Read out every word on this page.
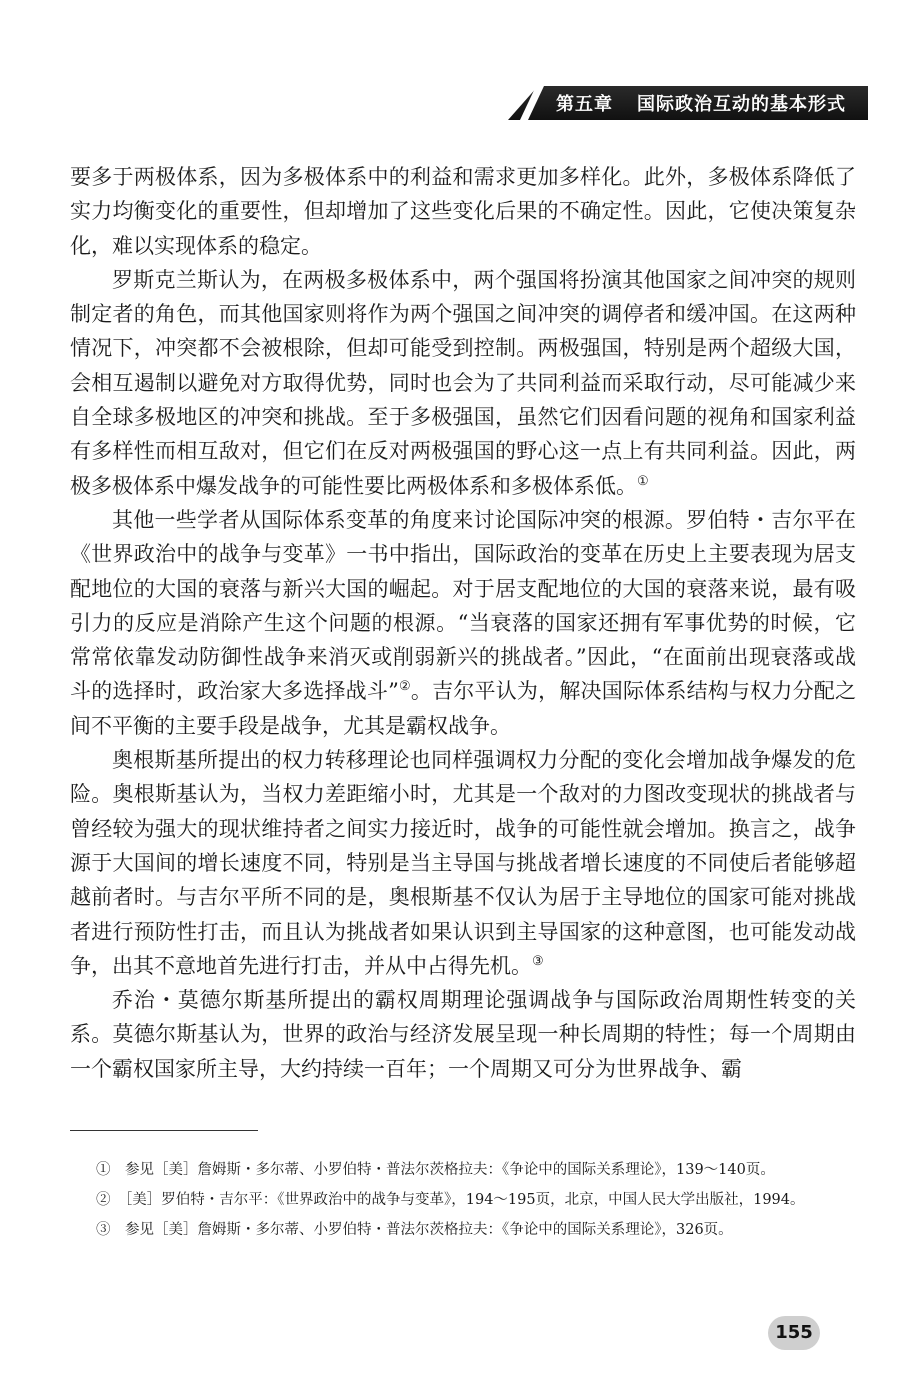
第五章 国际政治互动的基本形式

要多于两极体系，因为多极体系中的利益和需求更加多样化。此外，多极体系降低了实力均衡变化的重要性，但却增加了这些变化后果的不确定性。因此，它使决策复杂化，难以实现体系的稳定。

罗斯克兰斯认为，在两极多极体系中，两个强国将扮演其他国家之间冲突的规则制定者的角色，而其他国家则将作为两个强国之间冲突的调停者和缓冲国。在这两种情况下，冲突都不会被根除，但却可能受到控制。两极强国，特别是两个超级大国，会相互遏制以避免对方取得优势，同时也会为了共同利益而采取行动，尽可能减少来自全球多极地区的冲突和挑战。至于多极强国，虽然它们因看问题的视角和国家利益有多样性而相互敌对，但它们在反对两极强国的野心这一点上有共同利益。因此，两极多极体系中爆发战争的可能性要比两极体系和多极体系低。①

其他一些学者从国际体系变革的角度来讨论国际冲突的根源。罗伯特・吉尔平在《世界政治中的战争与变革》一书中指出，国际政治的变革在历史上主要表现为居支配地位的大国的衰落与新兴大国的崛起。对于居支配地位的大国的衰落来说，最有吸引力的反应是消除产生这个问题的根源。“当衰落的国家还拥有军事优势的时候，它常常依靠发动防御性战争来消灭或削弱新兴的挑战者。”因此，“在面前出现衰落或战斗的选择时，政治家大多选择战斗”②。吉尔平认为，解决国际体系结构与权力分配之间不平衡的主要手段是战争，尤其是霸权战争。

奥根斯基所提出的权力转移理论也同样强调权力分配的变化会增加战争爆发的危险。奥根斯基认为，当权力差距缩小时，尤其是一个敌对的力图改变现状的挑战者与曾经较为强大的现状维持者之间实力接近时，战争的可能性就会增加。换言之，战争源于大国间的增长速度不同，特别是当主导国与挑战者增长速度的不同使后者能够超越前者时。与吉尔平所不同的是，奥根斯基不仅认为居于主导地位的国家可能对挑战者进行预防性打击，而且认为挑战者如果认识到主导国家的这种意图，也可能发动战争，出其不意地首先进行打击，并从中占得先机。③

乔治・莫德尔斯基所提出的霸权周期理论强调战争与国际政治周期性转变的关系。莫德尔斯基认为，世界的政治与经济发展呈现一种长周期的特性；每一个周期由一个霸权国家所主导，大约持续一百年；一个周期又可分为世界战争、霸

①　参见［美］詹姆斯・多尔蒂、小罗伯特・普法尔茨格拉夫：《争论中的国际关系理论》，139～140页。

②　［美］罗伯特・吉尔平：《世界政治中的战争与变革》，194～195页，北京，中国人民大学出版社，1994。

③　参见［美］詹姆斯・多尔蒂、小罗伯特・普法尔茨格拉夫：《争论中的国际关系理论》，326页。

155
